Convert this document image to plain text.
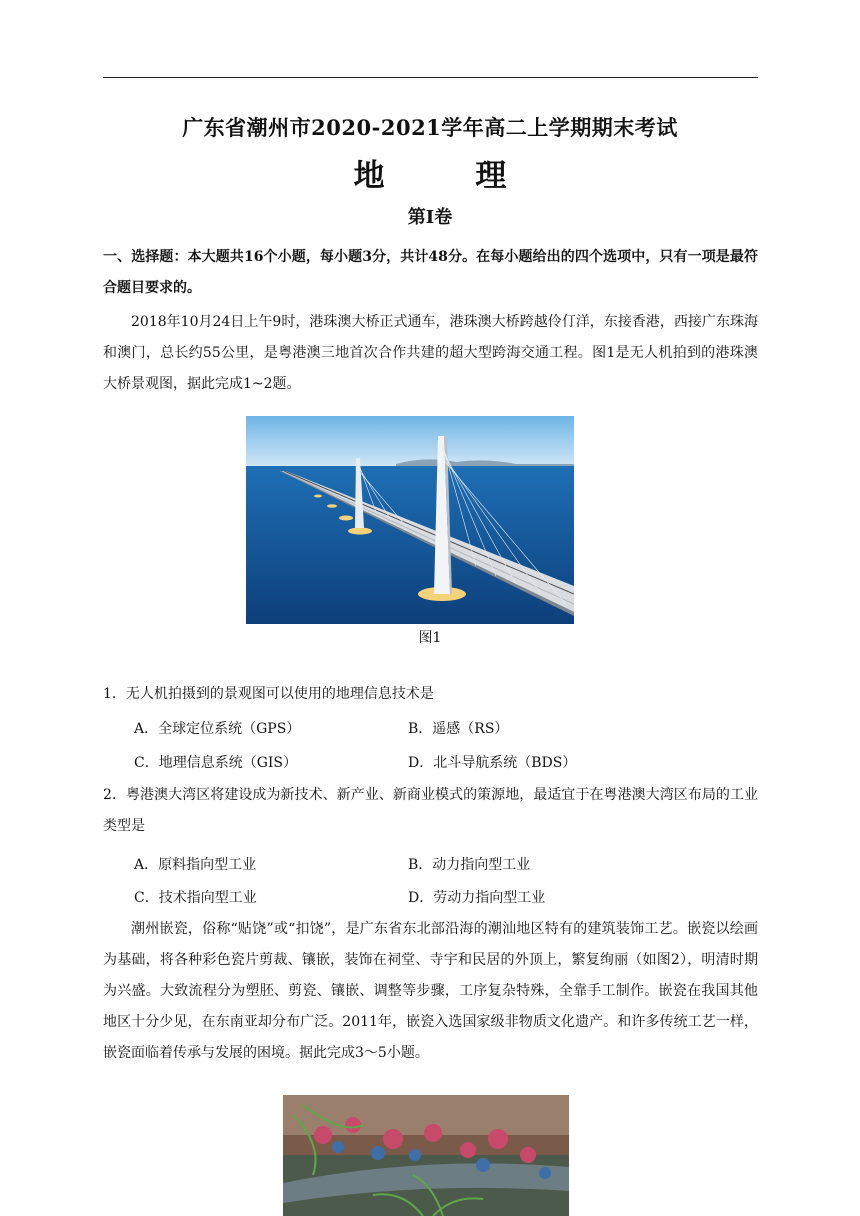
广东省潮州市2020-2021学年高二上学期期末考试
地 理
第I卷
一、选择题：本大题共16个小题，每小题3分，共计48分。在每小题给出的四个选项中，只有一项是最符合题目要求的。
2018年10月24日上午9时，港珠澳大桥正式通车，港珠澳大桥跨越伶仃洋，东接香港，西接广东珠海和澳门，总长约55公里，是粤港澳三地首次合作共建的超大型跨海交通工程。图1是无人机拍到的港珠澳大桥景观图，据此完成1~2题。
图1
1．无人机拍摄到的景观图可以使用的地理信息技术是
A．全球定位系统（GPS）	B．遥感（RS）
C．地理信息系统（GIS）	D．北斗导航系统（BDS）
2．粤港澳大湾区将建设成为新技术、新产业、新商业模式的策源地，最适宜于在粤港澳大湾区布局的工业类型是
A．原料指向型工业	B．动力指向型工业
C．技术指向型工业	D．劳动力指向型工业
潮州嵌瓷，俗称“贴饶”或“扣饶”，是广东省东北部沿海的潮汕地区特有的建筑装饰工艺。嵌瓷以绘画为基础，将各种彩色瓷片剪裁、镶嵌，装饰在祠堂、寺宇和民居的外顶上，繁复绚丽（如图2），明清时期为兴盛。大致流程分为塑胚、剪瓷、镶嵌、调整等步骤，工序复杂特殊，全靠手工制作。嵌瓷在我国其他地区十分少见，在东南亚却分布广泛。2011年，嵌瓷入选国家级非物质文化遗产。和许多传统工艺一样，嵌瓷面临着传承与发展的困境。据此完成3～5小题。
